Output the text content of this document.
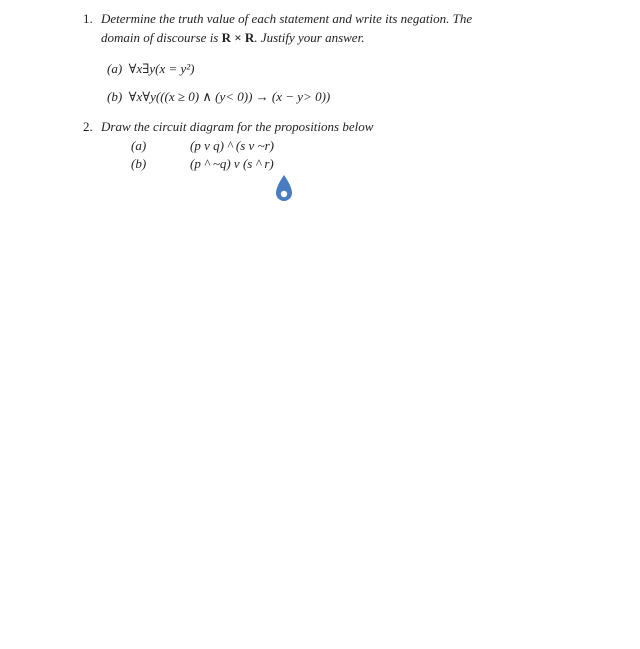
1. Determine the truth value of each statement and write its negation. The
domain of discourse is R × R. Justify your answer.
(a) ∀x∃y(x = y²)
(b) ∀x∀y(((x ≥ 0) ∧ (y< 0)) → (x − y> 0))
2. Draw the circuit diagram for the propositions below
(a)	(p v q) ^ (s v ~r)
(b)	(p ^ ~q) v (s ^ r)
